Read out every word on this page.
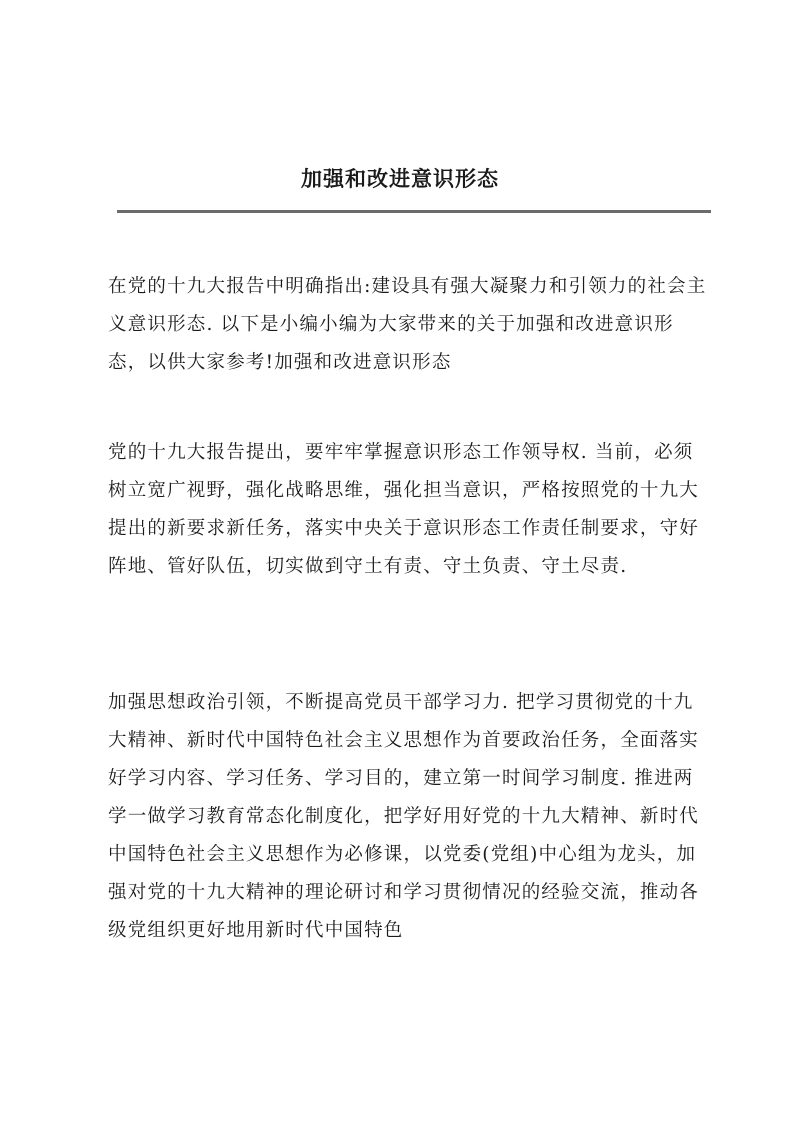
加强和改进意识形态

在党的十九大报告中明确指出:建设具有强大凝聚力和引领力的社会主义意识形态. 以下是小编小编为大家带来的关于加强和改进意识形态，以供大家参考!加强和改进意识形态

党的十九大报告提出，要牢牢掌握意识形态工作领导权. 当前，必须树立宽广视野，强化战略思维，强化担当意识，严格按照党的十九大提出的新要求新任务，落实中央关于意识形态工作责任制要求，守好阵地、管好队伍，切实做到守土有责、守土负责、守土尽责.

加强思想政治引领，不断提高党员干部学习力. 把学习贯彻党的十九大精神、新时代中国特色社会主义思想作为首要政治任务，全面落实好学习内容、学习任务、学习目的，建立第一时间学习制度. 推进两学一做学习教育常态化制度化，把学好用好党的十九大精神、新时代中国特色社会主义思想作为必修课，以党委(党组)中心组为龙头，加强对党的十九大精神的理论研讨和学习贯彻情况的经验交流，推动各级党组织更好地用新时代中国特色
